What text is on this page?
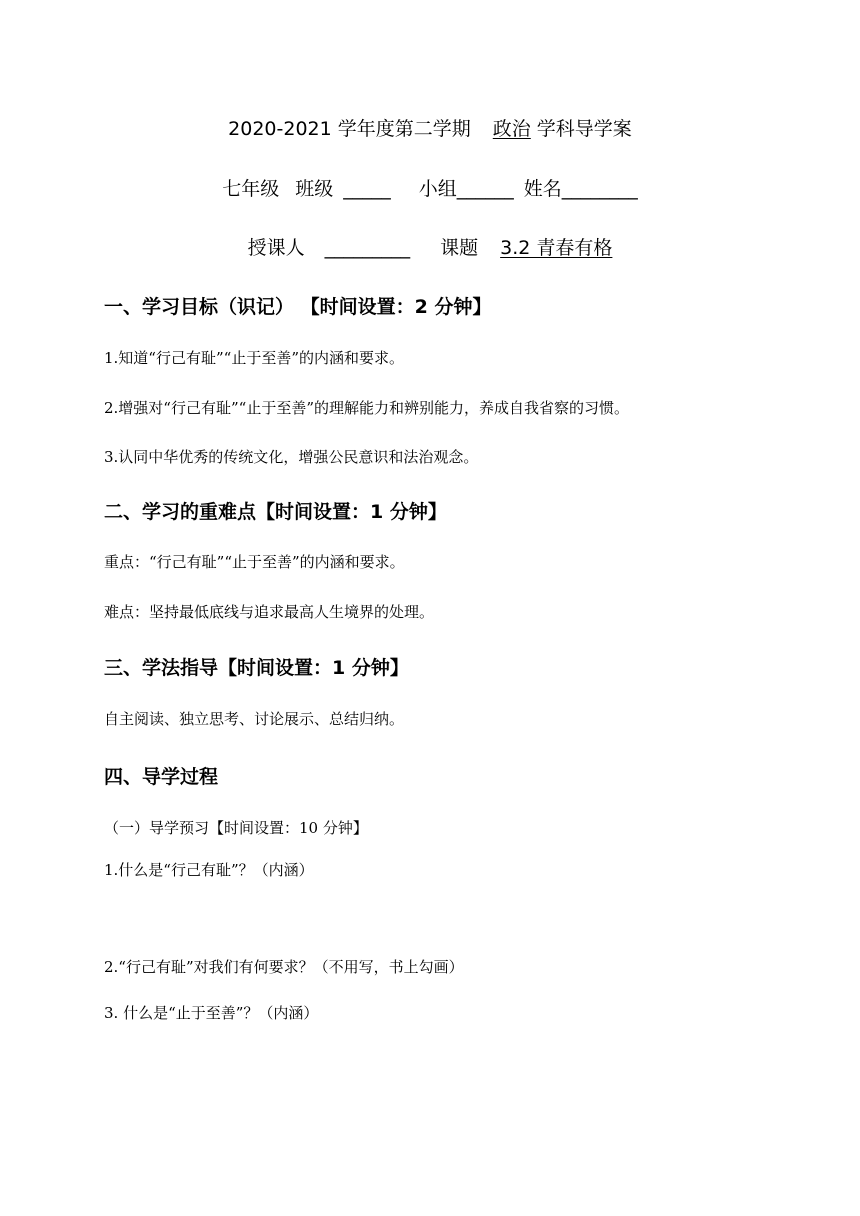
2020-2021 学年度第二学期 政治 学科导学案
七年级 班级 _____ 小组______ 姓名________
授课人 _________ 课题 3.2 青春有格
一、学习目标（识记） 【时间设置：2 分钟】
1.知道“行己有耻”“止于至善”的内涵和要求。
2.增强对“行己有耻”“止于至善”的理解能力和辨别能力，养成自我省察的习惯。
3.认同中华优秀的传统文化，增强公民意识和法治观念。
二、学习的重难点【时间设置：1 分钟】
重点：“行己有耻”“止于至善”的内涵和要求。
难点：坚持最低底线与追求最高人生境界的处理。
三、学法指导【时间设置：1 分钟】
自主阅读、独立思考、讨论展示、总结归纳。
四、导学过程
（一）导学预习【时间设置：10 分钟】
1.什么是“行己有耻”？（内涵）
2.“行己有耻”对我们有何要求？（不用写，书上勾画）
3. 什么是“止于至善”？（内涵）
